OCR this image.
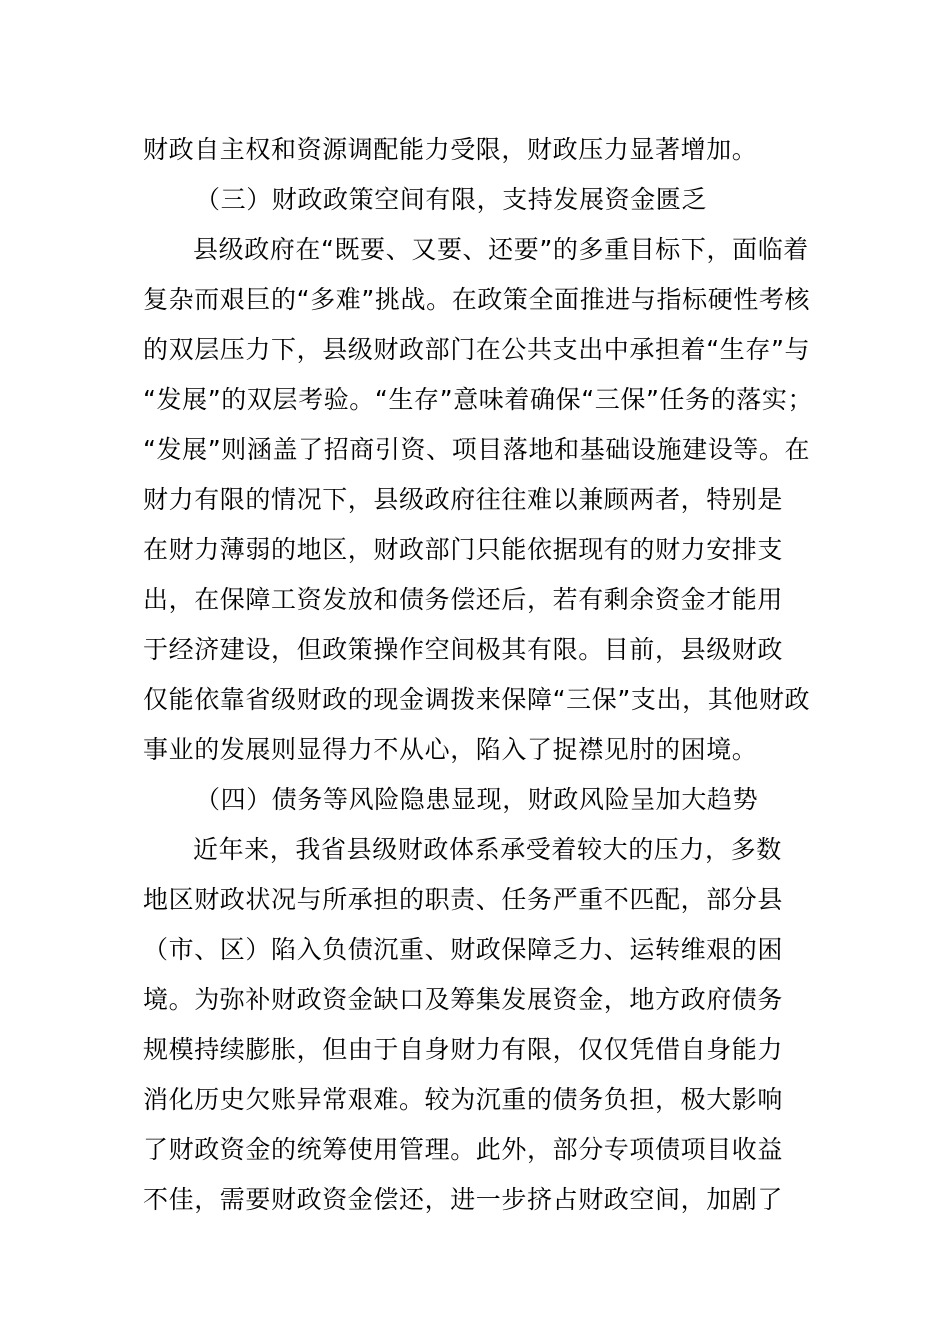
财政自主权和资源调配能力受限，财政压力显著增加。
（三）财政政策空间有限，支持发展资金匮乏
县级政府在“既要、又要、还要”的多重目标下，面临着
复杂而艰巨的“多难”挑战。在政策全面推进与指标硬性考核
的双层压力下，县级财政部门在公共支出中承担着“生存”与
“发展”的双层考验。“生存”意味着确保“三保”任务的落实；
“发展”则涵盖了招商引资、项目落地和基础设施建设等。在
财力有限的情况下，县级政府往往难以兼顾两者，特别是
在财力薄弱的地区，财政部门只能依据现有的财力安排支
出，在保障工资发放和债务偿还后，若有剩余资金才能用
于经济建设，但政策操作空间极其有限。目前，县级财政
仅能依靠省级财政的现金调拨来保障“三保”支出，其他财政
事业的发展则显得力不从心，陷入了捉襟见肘的困境。
（四）债务等风险隐患显现，财政风险呈加大趋势
近年来，我省县级财政体系承受着较大的压力，多数
地区财政状况与所承担的职责、任务严重不匹配，部分县
（市、区）陷入负债沉重、财政保障乏力、运转维艰的困
境。为弥补财政资金缺口及筹集发展资金，地方政府债务
规模持续膨胀，但由于自身财力有限，仅仅凭借自身能力
消化历史欠账异常艰难。较为沉重的债务负担，极大影响
了财政资金的统筹使用管理。此外，部分专项债项目收益
不佳，需要财政资金偿还，进一步挤占财政空间，加剧了
